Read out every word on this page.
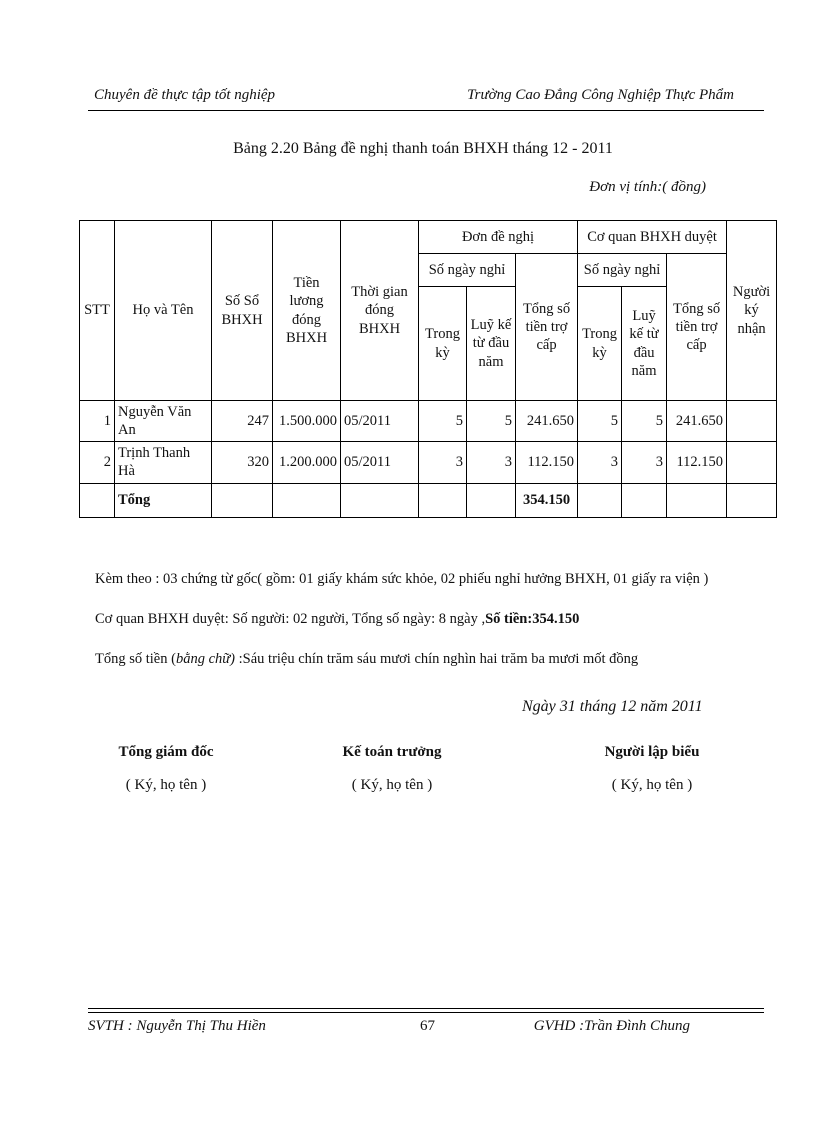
Chuyên đề thực tập tốt nghiệp	Trường Cao Đẳng Công Nghiệp Thực Phẩm
Bảng 2.20 Bảng đề nghị thanh toán BHXH tháng 12 - 2011
Đơn vị tính:( đồng)
STT	Họ và Tên	Số Sổ BHXH	Tiền lương đóng BHXH	Thời gian đóng BHXH	Đơn đề nghị			Cơ quan BHXH duyệt			Người ký nhận
					Số ngày nghỉ		Tổng số tiền trợ cấp	Số ngày nghỉ		Tổng số tiền trợ cấp	
					Trong kỳ	Luỹ kế từ đầu năm		Trong kỳ	Luỹ kế từ đầu năm		
1	Nguyễn Văn An	247	1.500.000	05/2011	5	5	241.650	5	5	241.650	
2	Trịnh Thanh Hà	320	1.200.000	05/2011	3	3	112.150	3	3	112.150	
	Tổng						354.150				
Kèm theo : 03 chứng từ gốc( gồm: 01 giấy khám sức khỏe, 02 phiếu nghỉ hưởng BHXH, 01 giấy ra viện )
Cơ quan BHXH duyệt: Số người: 02 người, Tổng số ngày: 8 ngày ,Số tiền:354.150
Tổng số tiền (bằng chữ) :Sáu triệu chín trăm sáu mươi chín nghìn hai trăm ba mươi mốt đồng
Ngày 31 tháng 12 năm 2011
Tổng giám đốc
( Ký, họ tên )
Kế toán trưởng
( Ký, họ tên )
Người lập biểu
( Ký, họ tên )
SVTH : Nguyễn Thị Thu Hiền	67	GVHD :Trần Đình Chung
